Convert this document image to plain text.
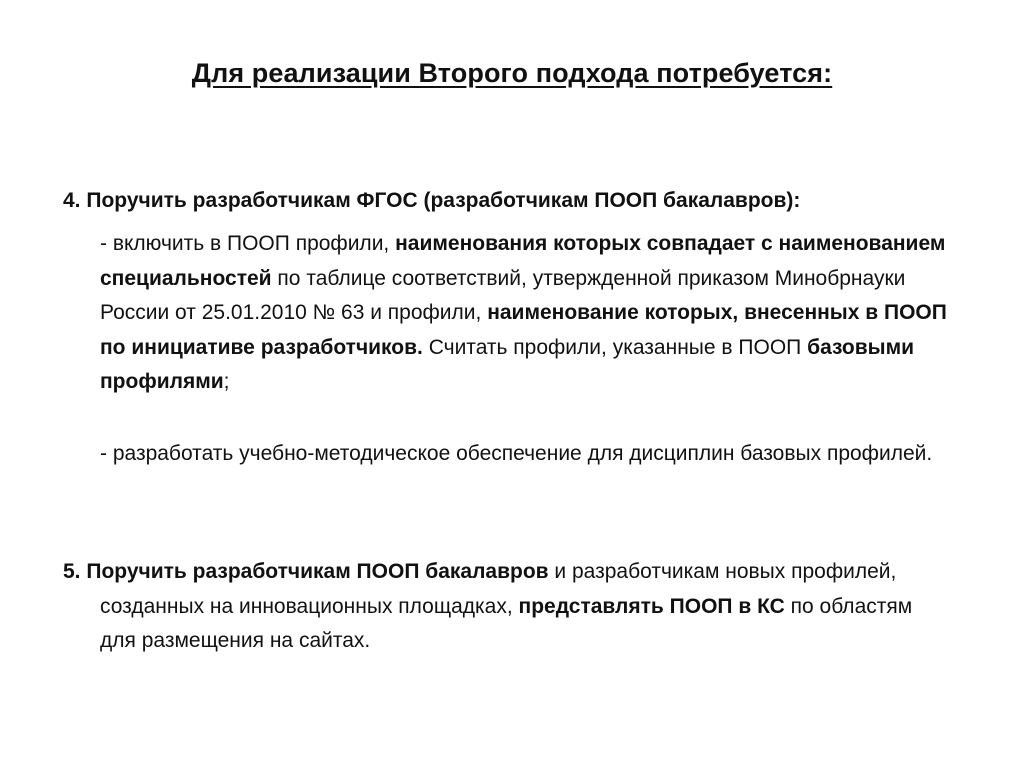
Для реализации Второго подхода потребуется:
4. Поручить разработчикам ФГОС (разработчикам ПООП бакалавров):
- включить в ПООП профили, наименования которых совпадает с наименованием специальностей по таблице соответствий, утвержденной приказом Минобрнауки России от 25.01.2010 № 63 и профили, наименование которых, внесенных в ПООП по инициативе разработчиков. Считать профили, указанные в ПООП базовыми профилями;
- разработать учебно-методическое обеспечение для дисциплин базовых профилей.
5. Поручить разработчикам ПООП бакалавров и разработчикам новых профилей, созданных на инновационных площадках, представлять ПООП в КС по областям для размещения на сайтах.
